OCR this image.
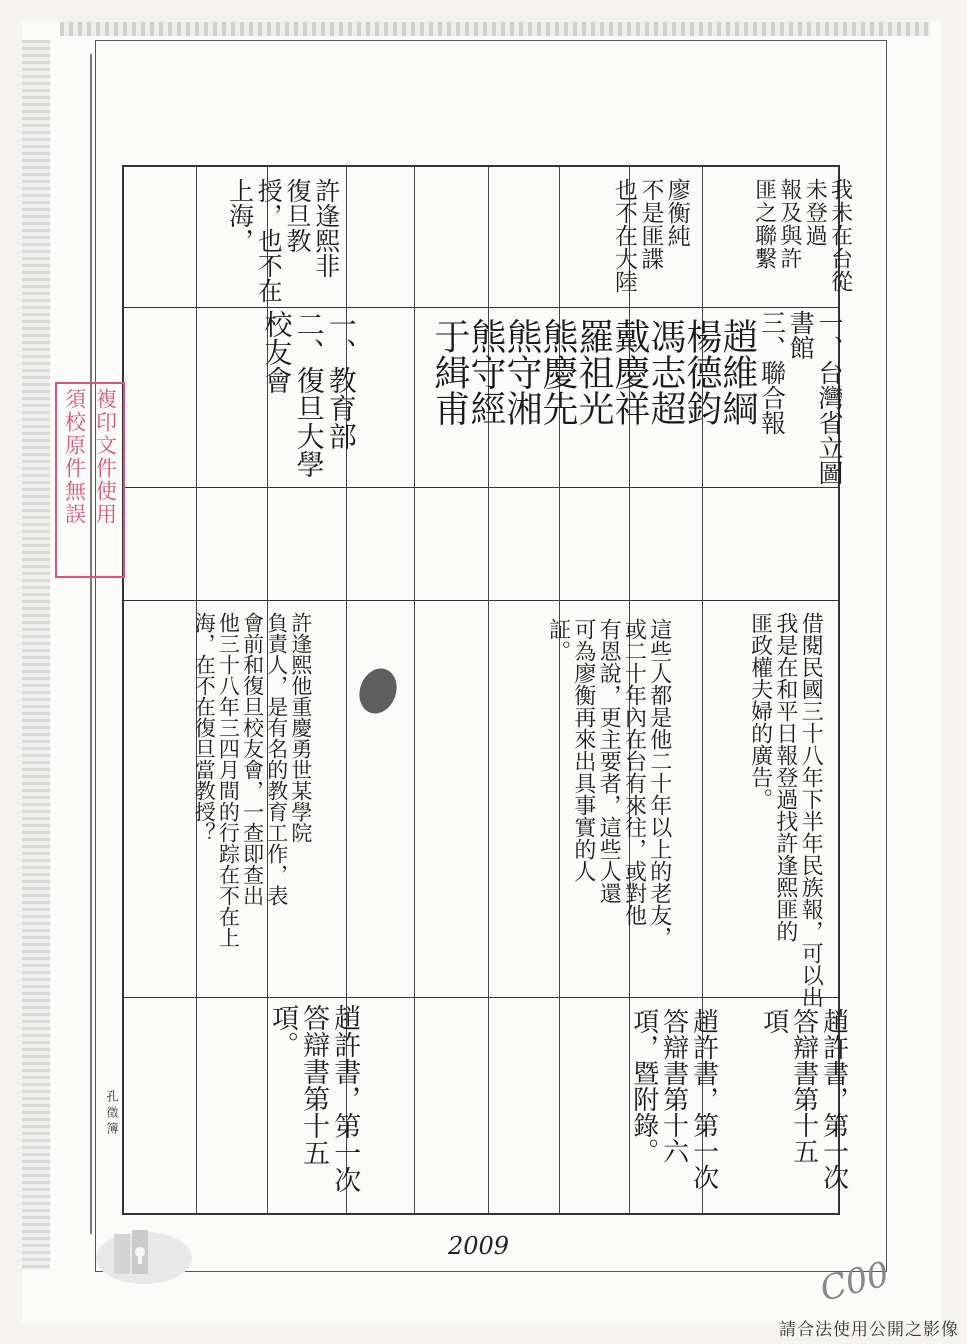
我未在台從
未登過
報及與許
匪之聯繫

一、台灣省立圖
書館
三、聯合報

借閱民國三十八年下半年民族報，可以出
我是在和平日報登過找許逢熙匪的
匪政權夫婦的廣告。

趙許書，第一次
答辯書第十五
項

廖衡純
不是匪諜
也不在大陸

趙維綱
楊德鈞
馮志超
戴慶祥
羅祖光
熊慶先
熊守湘
熊守經
于緝甫

這些人都是他二十年以上的老友，
或二十年內在台有來往，或對他
有恩說，更主要者，這些人還
可為廖衡再來出具事實的人
証。

趙許書，第一次
答辯書第十六
項，暨附錄。

許逢熙非
復旦教
授，也不在
上海，

一、教育部
二、復旦大學
校友會

許逢熙他重慶勇世某學院
負責人，是有名的教育工作，表
會前和復旦校友會，一查即查出
他三十八年三四月間的行踪在不在上
海，在不在復旦當教授？

趙許書，第一次
答辯書第十五
項。

複印文件使用
須校原件無誤
孔徵簿
2009
C00
請合法使用公開之影像
